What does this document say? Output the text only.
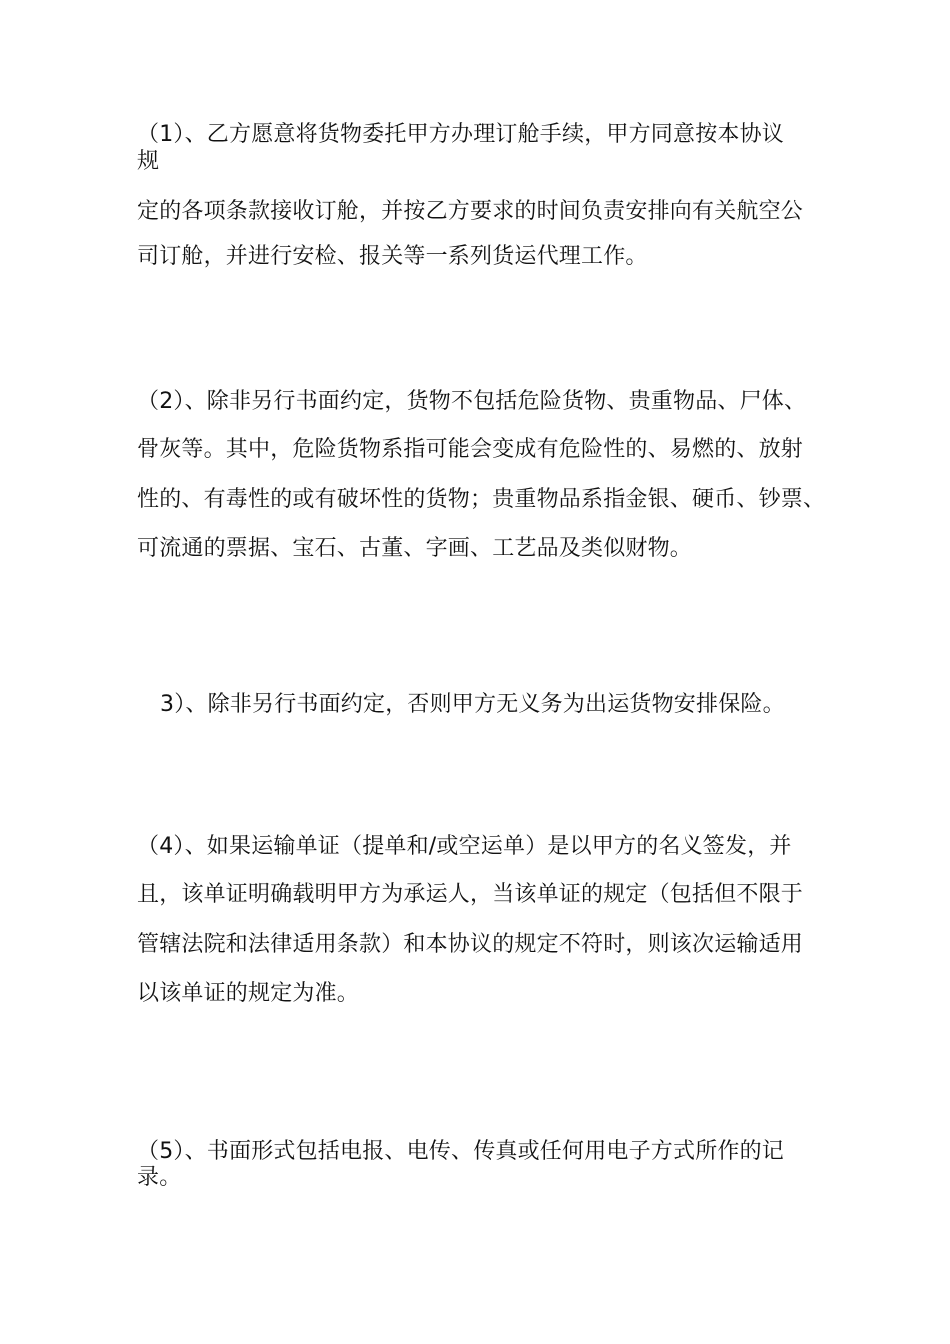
（1）、乙方愿意将货物委托甲方办理订舱手续，甲方同意按本协议
规
定的各项条款接收订舱，并按乙方要求的时间负责安排向有关航空公
司订舱，并进行安检、报关等一系列货运代理工作。
（2）、除非另行书面约定，货物不包括危险货物、贵重物品、尸体、
骨灰等。其中，危险货物系指可能会变成有危险性的、易燃的、放射
性的、有毒性的或有破坏性的货物；贵重物品系指金银、硬币、钞票、
可流通的票据、宝石、古董、字画、工艺品及类似财物。
3）、除非另行书面约定，否则甲方无义务为出运货物安排保险。
（4）、如果运输单证（提单和/或空运单）是以甲方的名义签发，并
且，该单证明确载明甲方为承运人，当该单证的规定（包括但不限于
管辖法院和法律适用条款）和本协议的规定不符时，则该次运输适用
以该单证的规定为准。
（5）、书面形式包括电报、电传、传真或任何用电子方式所作的记
录。
